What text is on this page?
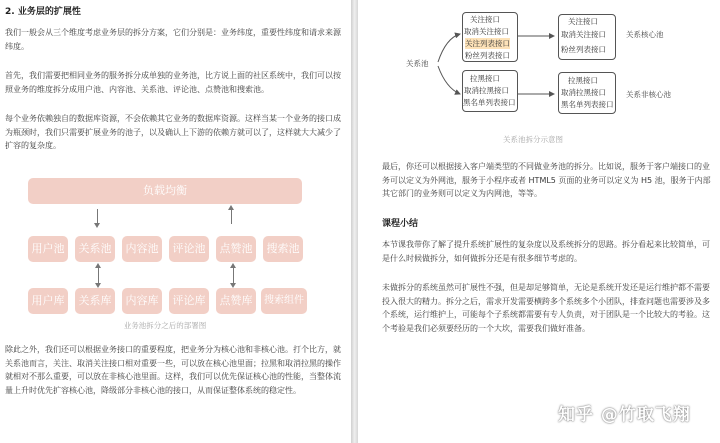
2. 业务层的扩展性
我们一般会从三个维度考虑业务层的拆分方案，它们分别是：业务纬度，重要性纬度和请求来源纬度。
首先，我们需要把相同业务的服务拆分成单独的业务池，比方说上面的社区系统中，我们可以按照业务的维度拆分成用户池、内容池、关系池、评论池、点赞池和搜索池。
每个业务依赖独自的数据库资源，不会依赖其它业务的数据库资源。这样当某一个业务的接口成为瓶颈时，我们只需要扩展业务的池子，以及确认上下游的依赖方就可以了，这样就大大减少了扩容的复杂度。
负载均衡
用户池	关系池	内容池	评论池	点赞池	搜索池
用户库	关系库	内容库	评论库	点赞库	搜索组件
业务池拆分之后的部署图
除此之外，我们还可以根据业务接口的重要程度，把业务分为核心池和非核心池。打个比方，就关系池而言，关注、取消关注接口相对重要一些，可以放在核心池里面；拉黑和取消拉黑的操作就相对不那么重要，可以放在非核心池里面。这样，我们可以优先保证核心池的性能，当整体流量上升时优先扩容核心池，降级部分非核心池的接口，从而保证整体系统的稳定性。
关系池
关注接口
取消关注接口
关注列表接口
粉丝列表接口
拉黑接口
取消拉黑接口
黑名单列表接口
关注接口
取消关注接口
粉丝列表接口
关系核心池
拉黑接口
取消拉黑接口
黑名单列表接口
关系非核心池
关系池拆分示意图
最后，你还可以根据接入客户端类型的不同做业务池的拆分。比如说，服务于客户端接口的业务可以定义为外网池，服务于小程序或者 HTML5 页面的业务可以定义为 H5 池，服务于内部其它部门的业务则可以定义为内网池，等等。
课程小结
本节课我带你了解了提升系统扩展性的复杂度以及系统拆分的思路。拆分看起来比较简单，可是什么时候做拆分，如何做拆分还是有很多细节考虑的。
未做拆分的系统虽然可扩展性不强，但是却足够简单，无论是系统开发还是运行维护都不需要投入很大的精力。拆分之后，需求开发需要横跨多个系统多个小团队，排查问题也需要涉及多个系统，运行维护上，可能每个子系统都需要有专人负责，对于团队是一个比较大的考验。这个考验是我们必须要经历的一个大坎，需要我们做好准备。
知乎 @竹取飞翔
